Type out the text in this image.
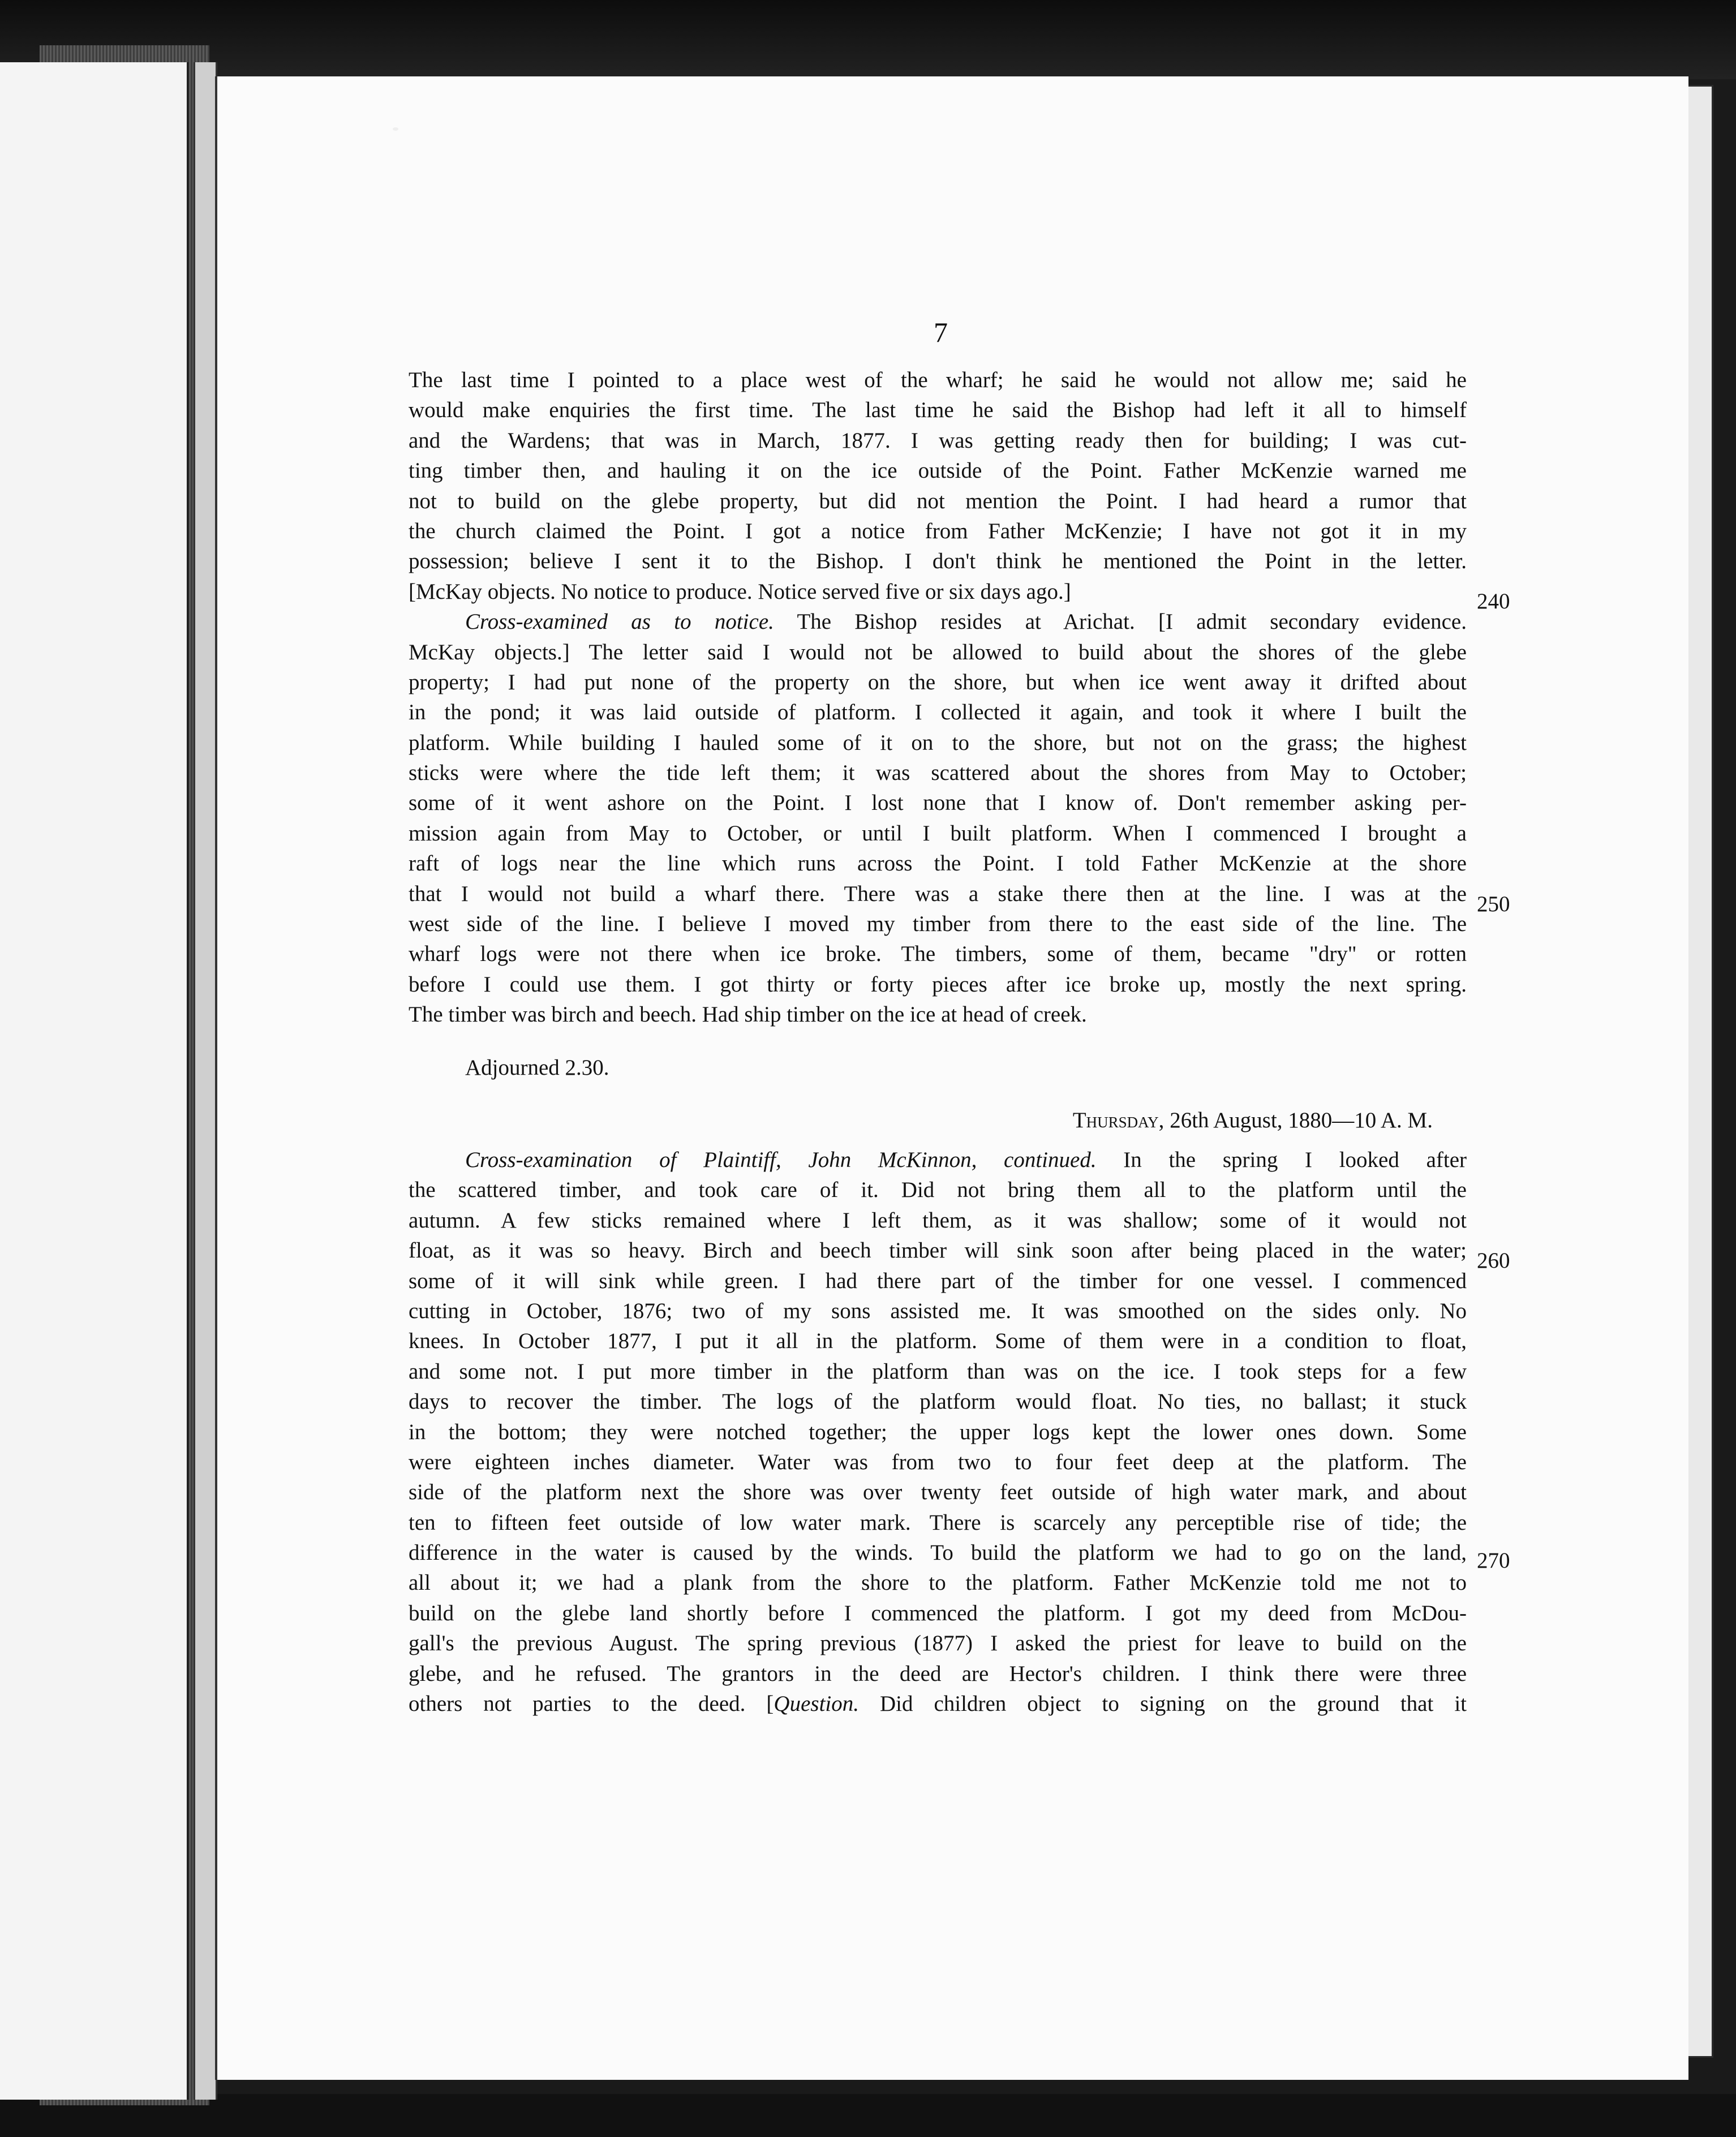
7
The last time I pointed to a place west of the wharf; he said he would not allow me; said he
would make enquiries the first time. The last time he said the Bishop had left it all to himself
and the Wardens; that was in March, 1877. I was getting ready then for building; I was cut-
ting timber then, and hauling it on the ice outside of the Point. Father McKenzie warned me
not to build on the glebe property, but did not mention the Point. I had heard a rumor that
the church claimed the Point. I got a notice from Father McKenzie; I have not got it in my
possession; believe I sent it to the Bishop. I don't think he mentioned the Point in the letter.
[McKay objects. No notice to produce. Notice served five or six days ago.]
Cross-examined as to notice. The Bishop resides at Arichat. [I admit secondary evidence.
McKay objects.] The letter said I would not be allowed to build about the shores of the glebe
property; I had put none of the property on the shore, but when ice went away it drifted about
in the pond; it was laid outside of platform. I collected it again, and took it where I built the
platform. While building I hauled some of it on to the shore, but not on the grass; the highest
sticks were where the tide left them; it was scattered about the shores from May to October;
some of it went ashore on the Point. I lost none that I know of. Don't remember asking per-
mission again from May to October, or until I built platform. When I commenced I brought a
raft of logs near the line which runs across the Point. I told Father McKenzie at the shore
that I would not build a wharf there. There was a stake there then at the line. I was at the
west side of the line. I believe I moved my timber from there to the east side of the line. The
wharf logs were not there when ice broke. The timbers, some of them, became "dry" or rotten
before I could use them. I got thirty or forty pieces after ice broke up, mostly the next spring.
The timber was birch and beech. Had ship timber on the ice at head of creek.
Adjourned 2.30.
Thursday, 26th August, 1880—10 A. M.
Cross-examination of Plaintiff, John McKinnon, continued. In the spring I looked after
the scattered timber, and took care of it. Did not bring them all to the platform until the
autumn. A few sticks remained where I left them, as it was shallow; some of it would not
float, as it was so heavy. Birch and beech timber will sink soon after being placed in the water;
some of it will sink while green. I had there part of the timber for one vessel. I commenced
cutting in October, 1876; two of my sons assisted me. It was smoothed on the sides only. No
knees. In October 1877, I put it all in the platform. Some of them were in a condition to float,
and some not. I put more timber in the platform than was on the ice. I took steps for a few
days to recover the timber. The logs of the platform would float. No ties, no ballast; it stuck
in the bottom; they were notched together; the upper logs kept the lower ones down. Some
were eighteen inches diameter. Water was from two to four feet deep at the platform. The
side of the platform next the shore was over twenty feet outside of high water mark, and about
ten to fifteen feet outside of low water mark. There is scarcely any perceptible rise of tide; the
difference in the water is caused by the winds. To build the platform we had to go on the land,
all about it; we had a plank from the shore to the platform. Father McKenzie told me not to
build on the glebe land shortly before I commenced the platform. I got my deed from McDou-
gall's the previous August. The spring previous (1877) I asked the priest for leave to build on the
glebe, and he refused. The grantors in the deed are Hector's children. I think there were three
others not parties to the deed. [Question. Did children object to signing on the ground that it
240
250
260
270
